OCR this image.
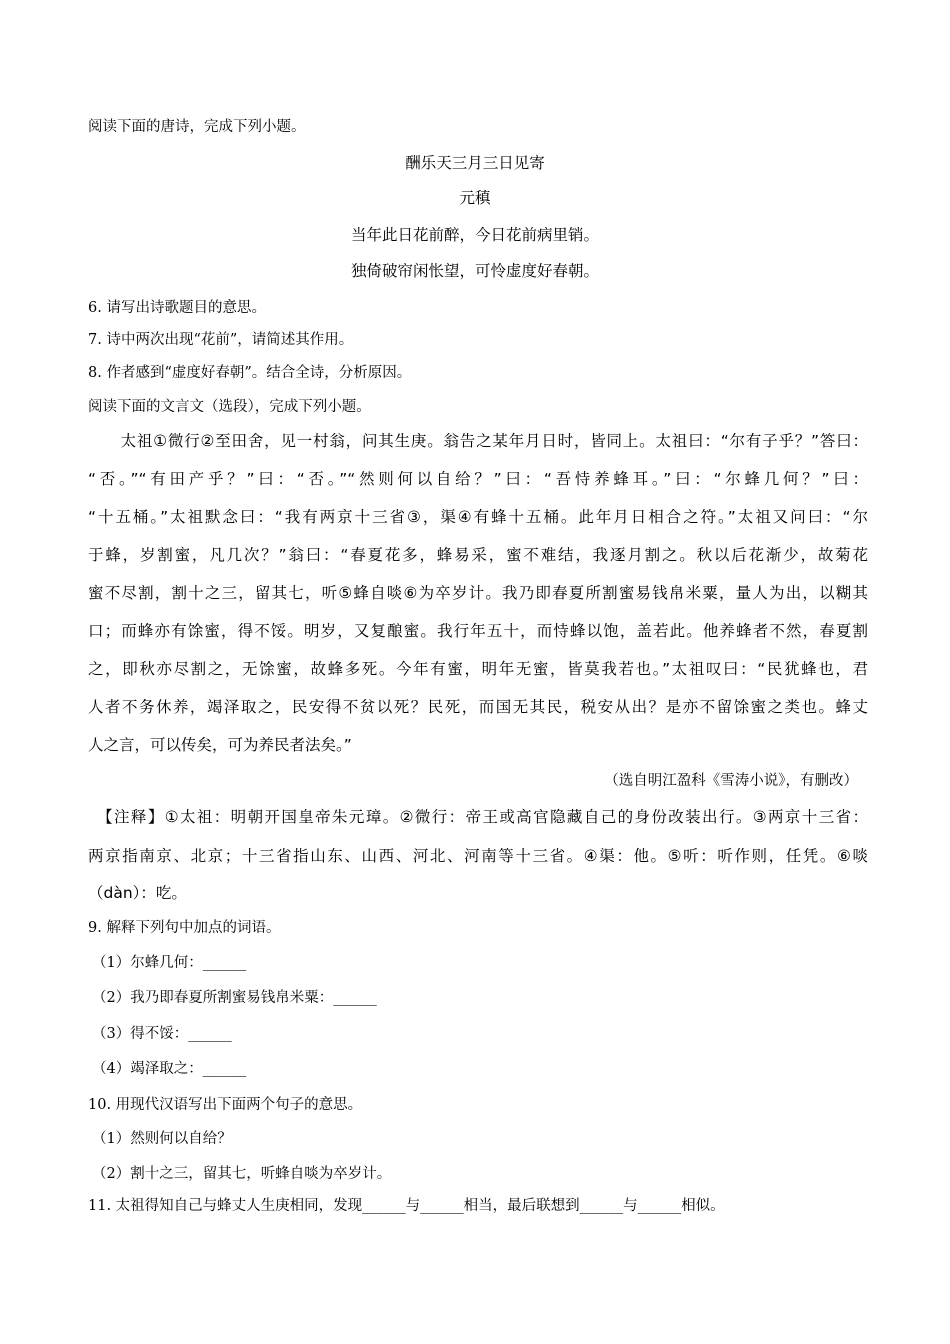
阅读下面的唐诗，完成下列小题。
酬乐天三月三日见寄
元稹
当年此日花前醉，今日花前病里销。
独倚破帘闲怅望，可怜虚度好春朝。
6. 请写出诗歌题目的意思。
7. 诗中两次出现“花前”，请简述其作用。
8. 作者感到“虚度好春朝”。结合全诗，分析原因。
阅读下面的文言文（选段），完成下列小题。
　　太祖①微行②至田舍，见一村翁，问其生庚。翁告之某年月日时，皆同上。太祖曰：“尔有子乎？”答曰：
“否。”“有田产乎？”曰：“否。”“然则何以自给？”曰：“吾恃养蜂耳。”曰：“尔蜂几何？”曰：
“十五桶。”太祖默念曰：“我有两京十三省③，渠④有蜂十五桶。此年月日相合之符。”太祖又问曰：“尔
于蜂，岁割蜜，凡几次？”翁曰：“春夏花多，蜂易采，蜜不难结，我逐月割之。秋以后花渐少，故菊花
蜜不尽割，割十之三，留其七，听⑤蜂自啖⑥为卒岁计。我乃即春夏所割蜜易钱帛米粟，量人为出，以糊其
口；而蜂亦有馀蜜，得不馁。明岁，又复酿蜜。我行年五十，而恃蜂以饱，盖若此。他养蜂者不然，春夏割
之，即秋亦尽割之，无馀蜜，故蜂多死。今年有蜜，明年无蜜，皆莫我若也。”太祖叹曰：“民犹蜂也，君
人者不务休养，竭泽取之，民安得不贫以死？民死，而国无其民，税安从出？是亦不留馀蜜之类也。蜂丈
人之言，可以传矣，可为养民者法矣。”
（选自明江盈科《雪涛小说》，有删改）
　【注释】①太祖：明朝开国皇帝朱元璋。②微行：帝王或高官隐藏自己的身份改装出行。③两京十三省：
两京指南京、北京；十三省指山东、山西、河北、河南等十三省。④渠：他。⑤听：听作则，任凭。⑥啖
（dàn）：吃。
9. 解释下列句中加点的词语。
（1）尔蜂几何：______
（2）我乃即春夏所割蜜易钱帛米粟：______
（3）得不馁：______
（4）竭泽取之：______
10. 用现代汉语写出下面两个句子的意思。
（1）然则何以自给？
（2）割十之三，留其七，听蜂自啖为卒岁计。
11. 太祖得知自己与蜂丈人生庚相同，发现______与______相当，最后联想到______与______相似。
